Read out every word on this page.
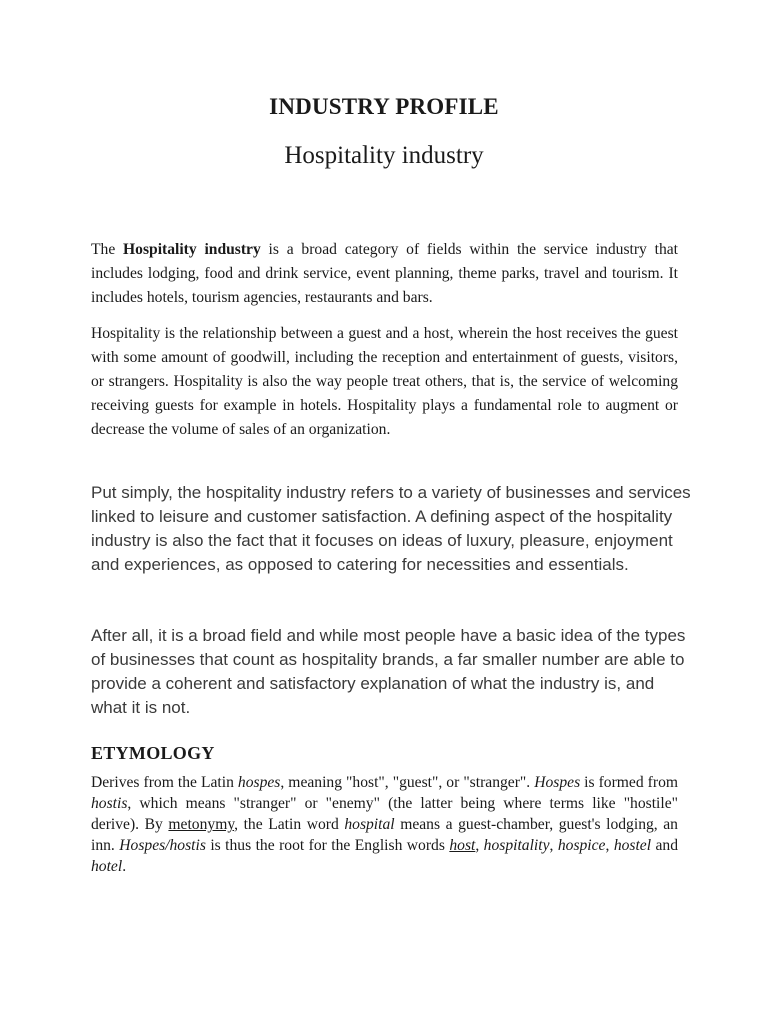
INDUSTRY PROFILE
Hospitality industry

The Hospitality industry is a broad category of fields within the service industry that includes lodging, food and drink service, event planning, theme parks, travel and tourism. It includes hotels, tourism agencies, restaurants and bars.

Hospitality is the relationship between a guest and a host, wherein the host receives the guest with some amount of goodwill, including the reception and entertainment of guests, visitors, or strangers. Hospitality is also the way people treat others, that is, the service of welcoming receiving guests for example in hotels. Hospitality plays a fundamental role to augment or decrease the volume of sales of an organization.

Put simply, the hospitality industry refers to a variety of businesses and services linked to leisure and customer satisfaction. A defining aspect of the hospitality industry is also the fact that it focuses on ideas of luxury, pleasure, enjoyment and experiences, as opposed to catering for necessities and essentials.

After all, it is a broad field and while most people have a basic idea of the types of businesses that count as hospitality brands, a far smaller number are able to provide a coherent and satisfactory explanation of what the industry is, and what it is not.

ETYMOLOGY

Derives from the Latin hospes, meaning "host", "guest", or "stranger". Hospes is formed from hostis, which means "stranger" or "enemy" (the latter being where terms like "hostile" derive). By metonymy, the Latin word hospital means a guest-chamber, guest's lodging, an inn. Hospes/hostis is thus the root for the English words host, hospitality, hospice, hostel and hotel.
